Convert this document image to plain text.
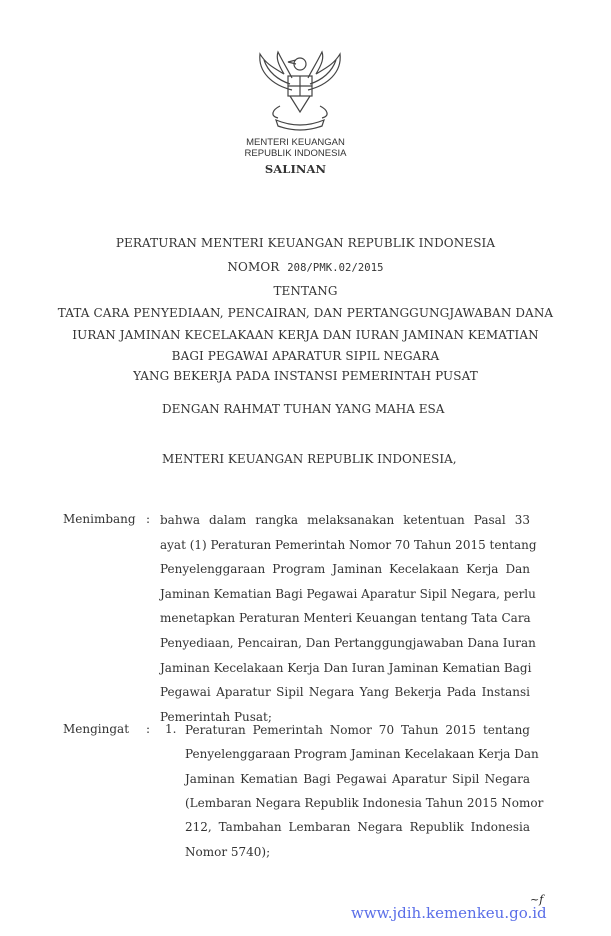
MENTERI KEUANGAN
REPUBLIK INDONESIA
SALINAN
PERATURAN MENTERI KEUANGAN REPUBLIK INDONESIA
NOMOR 208/PMK.02/2015
TENTANG
TATA CARA PENYEDIAAN, PENCAIRAN, DAN PERTANGGUNGJAWABAN DANA
IURAN JAMINAN KECELAKAAN KERJA DAN IURAN JAMINAN KEMATIAN
BAGI PEGAWAI APARATUR SIPIL NEGARA
YANG BEKERJA PADA INSTANSI PEMERINTAH PUSAT
DENGAN RAHMAT TUHAN YANG MAHA ESA
MENTERI KEUANGAN REPUBLIK INDONESIA,
Menimbang : bahwa dalam rangka melaksanakan ketentuan Pasal 33
ayat (1) Peraturan Pemerintah Nomor 70 Tahun 2015 tentang
Penyelenggaraan Program Jaminan Kecelakaan Kerja Dan
Jaminan Kematian Bagi Pegawai Aparatur Sipil Negara, perlu
menetapkan Peraturan Menteri Keuangan tentang Tata Cara
Penyediaan, Pencairan, Dan Pertanggungjawaban Dana Iuran
Jaminan Kecelakaan Kerja Dan Iuran Jaminan Kematian Bagi
Pegawai Aparatur Sipil Negara Yang Bekerja Pada Instansi
Pemerintah Pusat;
Mengingat : 1. Peraturan Pemerintah Nomor 70 Tahun 2015 tentang
Penyelenggaraan Program Jaminan Kecelakaan Kerja Dan
Jaminan Kematian Bagi Pegawai Aparatur Sipil Negara
(Lembaran Negara Republik Indonesia Tahun 2015 Nomor
212, Tambahan Lembaran Negara Republik Indonesia
Nomor 5740);
www.jdih.kemenkeu.go.id
~f
